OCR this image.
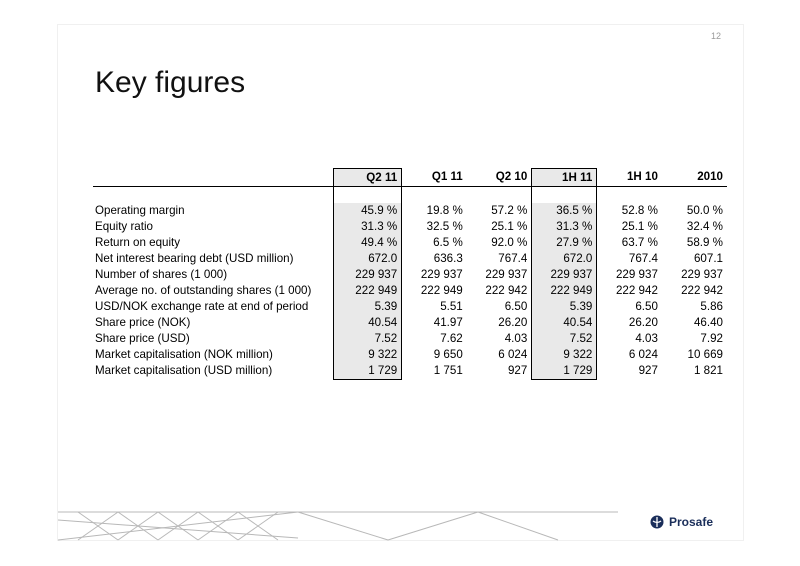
12
Key figures
	Q2 11	Q1 11	Q2 10	1H 11	1H 10	2010

Operating margin	45.9 %	19.8 %	57.2 %	36.5 %	52.8 %	50.0 %
Equity ratio	31.3 %	32.5 %	25.1 %	31.3 %	25.1 %	32.4 %
Return on equity	49.4 %	6.5 %	92.0 %	27.9 %	63.7 %	58.9 %
Net interest bearing debt (USD million)	672.0	636.3	767.4	672.0	767.4	607.1
Number of shares (1 000)	229 937	229 937	229 937	229 937	229 937	229 937
Average no. of outstanding shares (1 000)	222 949	222 949	222 942	222 949	222 942	222 942
USD/NOK exchange rate at end of period	5.39	5.51	6.50	5.39	6.50	5.86
Share price (NOK)	40.54	41.97	26.20	40.54	26.20	46.40
Share price (USD)	7.52	7.62	4.03	7.52	4.03	7.92
Market capitalisation (NOK million)	9 322	9 650	6 024	9 322	6 024	10 669
Market capitalisation (USD million)	1 729	1 751	927	1 729	927	1 821
Prosafe
